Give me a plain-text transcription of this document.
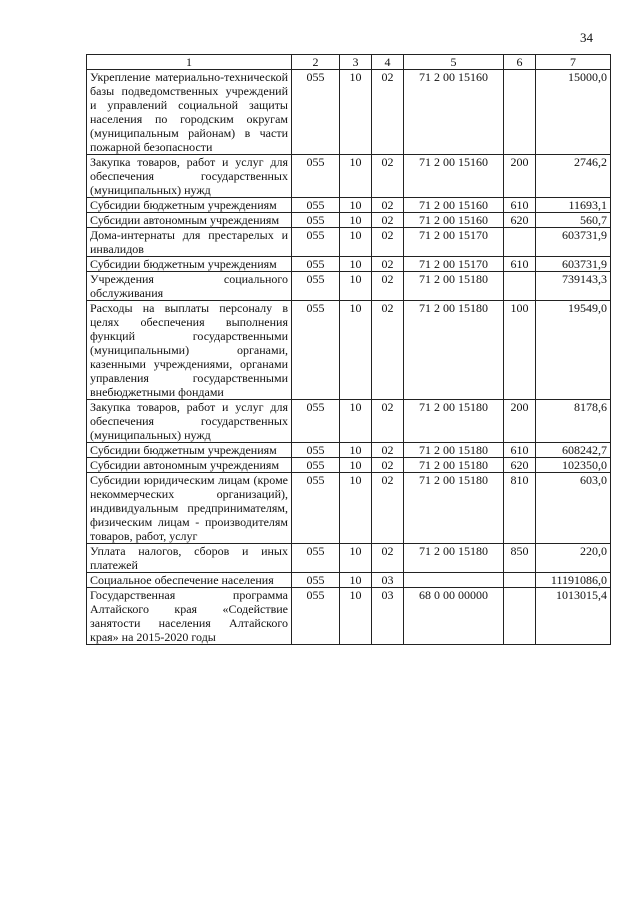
34
1	2	3	4	5	6	7
Укрепление материально-технической базы подведомственных учреждений и управлений социальной защиты населения по городским округам (муниципальным районам) в части пожарной безопасности	055	10	02	71 2 00 15160		15000,0
Закупка товаров, работ и услуг для обеспечения государственных (муниципальных) нужд	055	10	02	71 2 00 15160	200	2746,2
Субсидии бюджетным учреждениям	055	10	02	71 2 00 15160	610	11693,1
Субсидии автономным учреждениям	055	10	02	71 2 00 15160	620	560,7
Дома-интернаты для престарелых и инвалидов	055	10	02	71 2 00 15170		603731,9
Субсидии бюджетным учреждениям	055	10	02	71 2 00 15170	610	603731,9
Учреждения социального обслуживания	055	10	02	71 2 00 15180		739143,3
Расходы на выплаты персоналу в целях обеспечения выполнения функций государственными (муниципальными) органами, казенными учреждениями, органами управления государственными внебюджетными фондами	055	10	02	71 2 00 15180	100	19549,0
Закупка товаров, работ и услуг для обеспечения государственных (муниципальных) нужд	055	10	02	71 2 00 15180	200	8178,6
Субсидии бюджетным учреждениям	055	10	02	71 2 00 15180	610	608242,7
Субсидии автономным учреждениям	055	10	02	71 2 00 15180	620	102350,0
Субсидии юридическим лицам (кроме некоммерческих организаций), индивидуальным предпринимателям, физическим лицам - производителям товаров, работ, услуг	055	10	02	71 2 00 15180	810	603,0
Уплата налогов, сборов и иных платежей	055	10	02	71 2 00 15180	850	220,0
Социальное обеспечение населения	055	10	03			11191086,0
Государственная программа Алтайского края «Содействие занятости населения Алтайского края» на 2015-2020 годы	055	10	03	68 0 00 00000		1013015,4
